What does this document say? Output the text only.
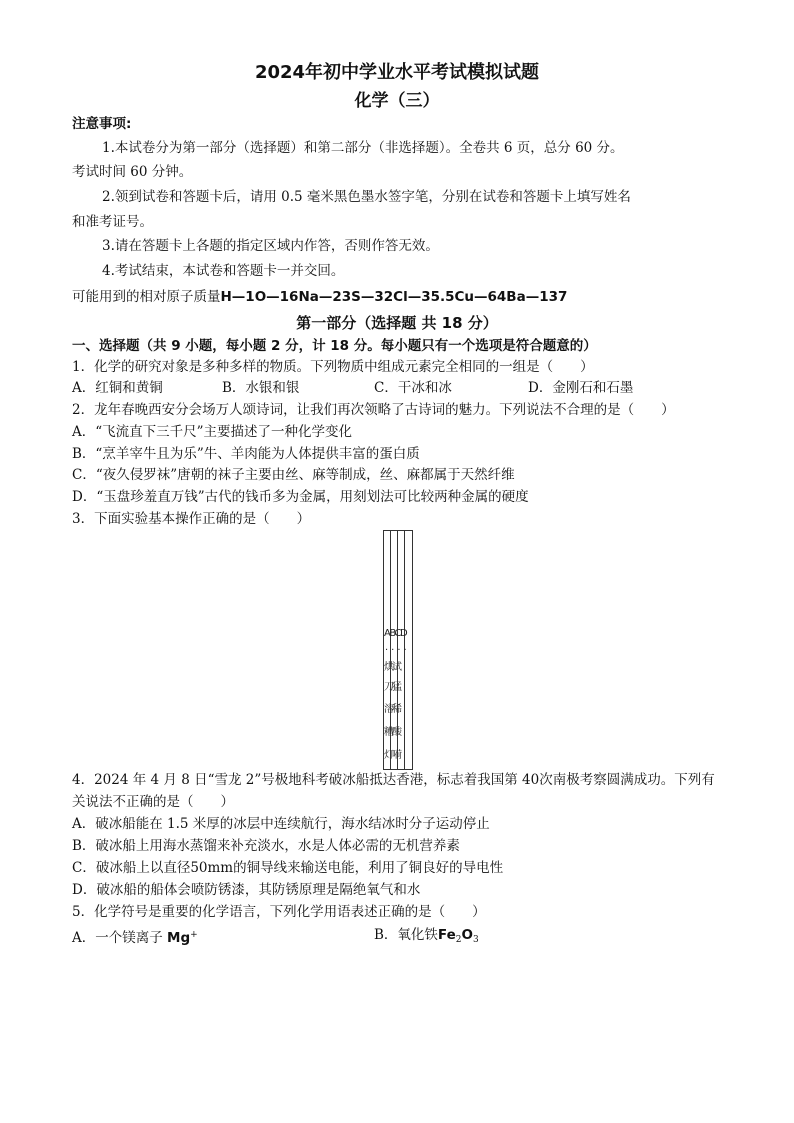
2024年初中学业水平考试模拟试题
化学（三）
注意事项:
1.本试卷分为第一部分（选择题）和第二部分（非选择题）。全卷共 6 页，总分 60 分。
考试时间 60 分钟。
2.领到试卷和答题卡后，请用 0.5 毫米黑色墨水签字笔，分别在试卷和答题卡上填写姓名
和准考证号。
3.请在答题卡上各题的指定区域内作答，否则作答无效。
4.考试结束，本试卷和答题卡一并交回。
可能用到的相对原子质量H—1O—16Na—23S—32Cl—35.5Cu—64Ba—137
第一部分（选择题 共 18 分）
一、选择题（共 9 小题，每小题 2 分，计 18 分。每小题只有一个选项是符合题意的）
1．化学的研究对象是多种多样的物质。下列物质中组成元素完全相同的一组是（　　）
A．红铜和黄铜	B．水银和银	C．干冰和冰	D．金刚石和石墨
2．龙年春晚西安分会场万人颂诗词，让我们再次领略了古诗词的魅力。下列说法不合理的是（　　）
A．“飞流直下三千尺”主要描述了一种化学变化
B．“烹羊宰牛且为乐”牛、羊肉能为人体提供丰富的蛋白质
C．“夜久侵罗袜”唐朝的袜子主要由丝、麻等制成，丝、麻都属于天然纤维
D．“玉盘珍羞直万钱”古代的钱币多为金属，用刻划法可比较两种金属的硬度
3．下面实验基本操作正确的是（　　）
ABCD
....
烘试
刀猛
溶稀
糟酸
灯嗬
4．2024 年 4 月 8 日“雪龙 2”号极地科考破冰船抵达香港，标志着我国第 40次南极考察圆满成功。下列有
关说法不正确的是（　　）
A．破冰船能在 1.5 米厚的冰层中连续航行，海水结冰时分子运动停止
B．破冰船上用海水蒸馏来补充淡水，水是人体必需的无机营养素
C．破冰船上以直径50mm的铜导线来输送电能，利用了铜良好的导电性
D．破冰船的船体会喷防锈漆，其防锈原理是隔绝氧气和水
5．化学符号是重要的化学语言，下列化学用语表述正确的是（　　）
A．一个镁离子 Mg+	B．氧化铁$Fe_2O_3$
